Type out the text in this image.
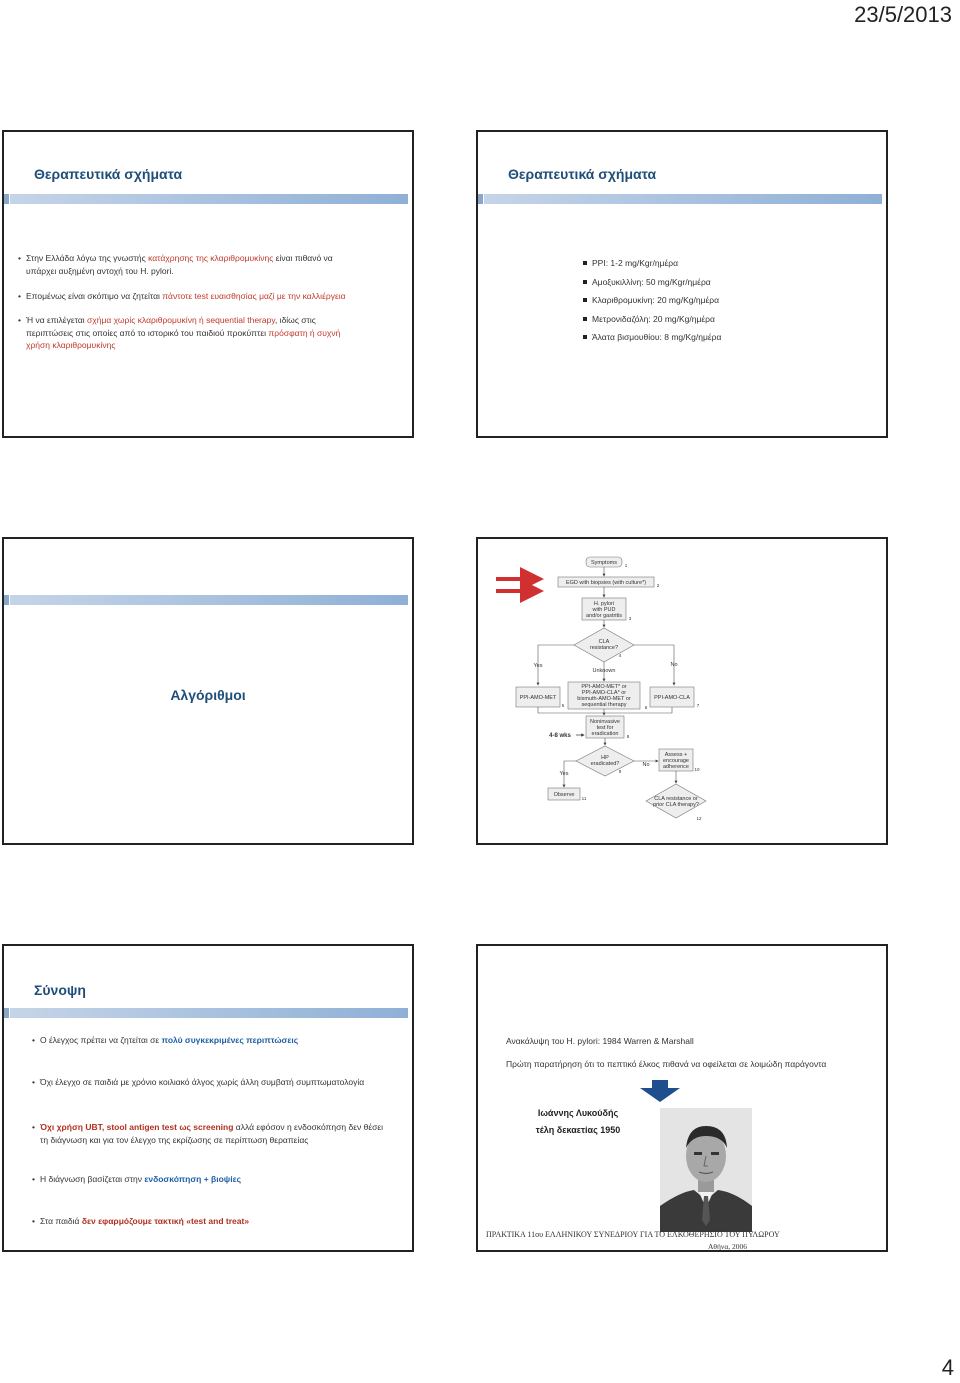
23/5/2013
Θεραπευτικά σχήματα
• Στην Ελλάδα λόγω της γνωστής κατάχρησης της κλαριθρομυκίνης είναι πιθανό να
υπάρχει αυξημένη αντοχή του H. pylori.
• Επομένως είναι σκόπιμο να ζητείται πάντοτε test ευαισθησίας μαζί με την καλλιέργεια
• Ή να επιλέγεται σχήμα χωρίς κλαριθρομυκίνη ή sequential therapy, ιδίως στις
περιπτώσεις στις οποίες από το ιστορικό του παιδιού προκύπτει πρόσφατη ή συχνή
χρήση κλαριθρομυκίνης
Θεραπευτικά σχήματα
PPI: 1-2 mg/Kgr/ημέρα
Αμοξυκιλλίνη: 50 mg/Kgr/ημέρα
Κλαριθρομυκίνη: 20 mg/Kg/ημέρα
Μετρονιδαζόλη: 20 mg/Kg/ημέρα
Άλατα βισμουθίου: 8 mg/Kg/ημέρα
Αλγόριθμοι
Symptoms 1
EGD with biopsies (with culture*) 2
H. pylori
with PUD
and/or gastritis 3
CLA
resistance?
4
Yes
Unknown
No
PPI-AMO-MET
5
PPI-AMO-MET* or
PPI-AMO-CLA* or
bismuth-AMO-MET or
sequential therapy	6
PPI-AMO-CLA
7
Noninvasive
test for
eradication 8
4-8 wks
HP
eradicated?
9
Yes
No
Assess +
encourage
adherence 10
Observe
11	CLA resistance or
prior CLA therapy?
12
Σύνοψη
• Ο έλεγχος πρέπει να ζητείται σε πολύ συγκεκριμένες περιπτώσεις
• Όχι έλεγχο σε παιδιά με χρόνιο κοιλιακό άλγος χωρίς άλλη συμβατή συμπτωματολογία
• Όχι χρήση UBT, stool antigen test ως screening αλλά εφόσον η ενδοσκόπηση δεν θέσει
τη διάγνωση και για τον έλεγχο της εκρίζωσης σε περίπτωση θεραπείας
• Η διάγνωση βασίζεται στην ενδοσκόπηση + βιοψίες
• Στα παιδιά δεν εφαρμόζουμε τακτική «test and treat»
Ανακάλυψη του H. pylori: 1984 Warren & Marshall
Πρώτη παρατήρηση ότι το πεπτικό έλκος πιθανά να οφείλεται σε λοιμώδη παράγοντα
Ιωάννης Λυκούδής
τέλη δεκαετίας 1950
ΠΡΑΚΤΙΚΑ 11ου ΕΛΛΗΝΙΚΟΥ ΣΥΝΕΔΡΙΟΥ ΓΙΑ ΤΟ ΕΛΚΟΘΕΡΗΣΙΟ ΤΟΥ ΠΥΛΩΡΟΥ
Αθήνα, 2006
4
